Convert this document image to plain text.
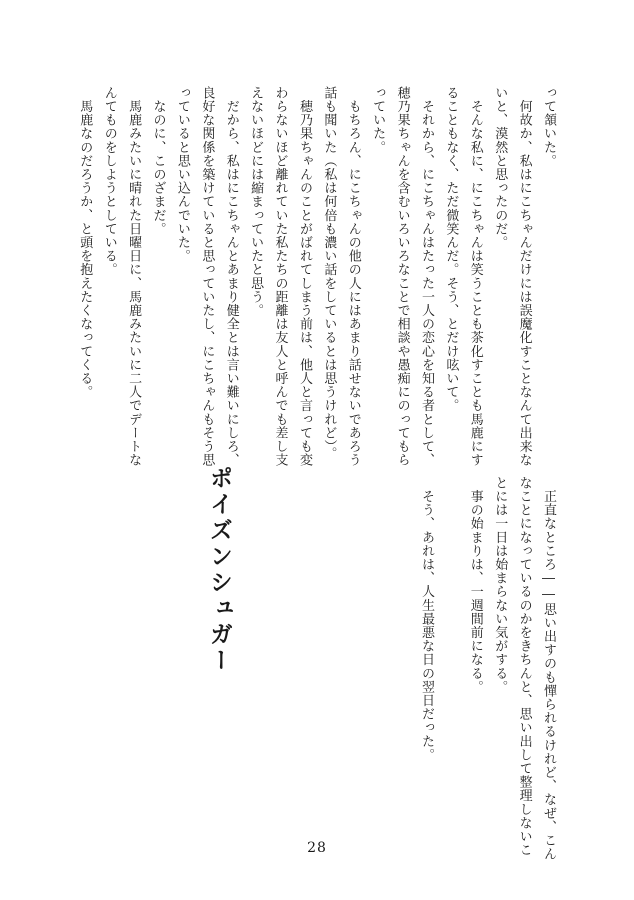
って頷いた。
　何故か、私はにこちゃんだけには誤魔化すことなんて出来な
いと、漠然と思ったのだ。
　そんな私に、にこちゃんは笑うことも茶化すことも馬鹿にす
ることもなく、ただ微笑んだ。そう、とだけ呟いて。
　それから、にこちゃんはたった一人の恋心を知る者として、
穂乃果ちゃんを含むいろいろなことで相談や愚痴にのってもら
っていた。
　もちろん、にこちゃんの他の人にはあまり話せないであろう
話も聞いた（私は何倍も濃い話をしているとは思うけれど）。
　穂乃果ちゃんのことがばれてしまう前は、他人と言っても変
わらないほど離れていた私たちの距離は友人と呼んでも差し支
えないほどには縮まっていたと思う。
　だから、私はにこちゃんとあまり健全とは言い難いにしろ、
良好な関係を築けていると思っていたし、にこちゃんもそう思
っていると思い込んでいた。
　なのに、このざまだ。
　馬鹿みたいに晴れた日曜日に、馬鹿みたいに二人でデートな
んてものをしようとしている。
　馬鹿なのだろうか、と頭を抱えたくなってくる。
　正直なところ――思い出すのも憚られるけれど、なぜ、こん
なことになっているのかをきちんと、思い出して整理しないこ
とには一日は始まらない気がする。
　事の始まりは、一週間前になる。

　そう、あれは、人生最悪な日の翌日だった。
ポイズンシュガー
28
